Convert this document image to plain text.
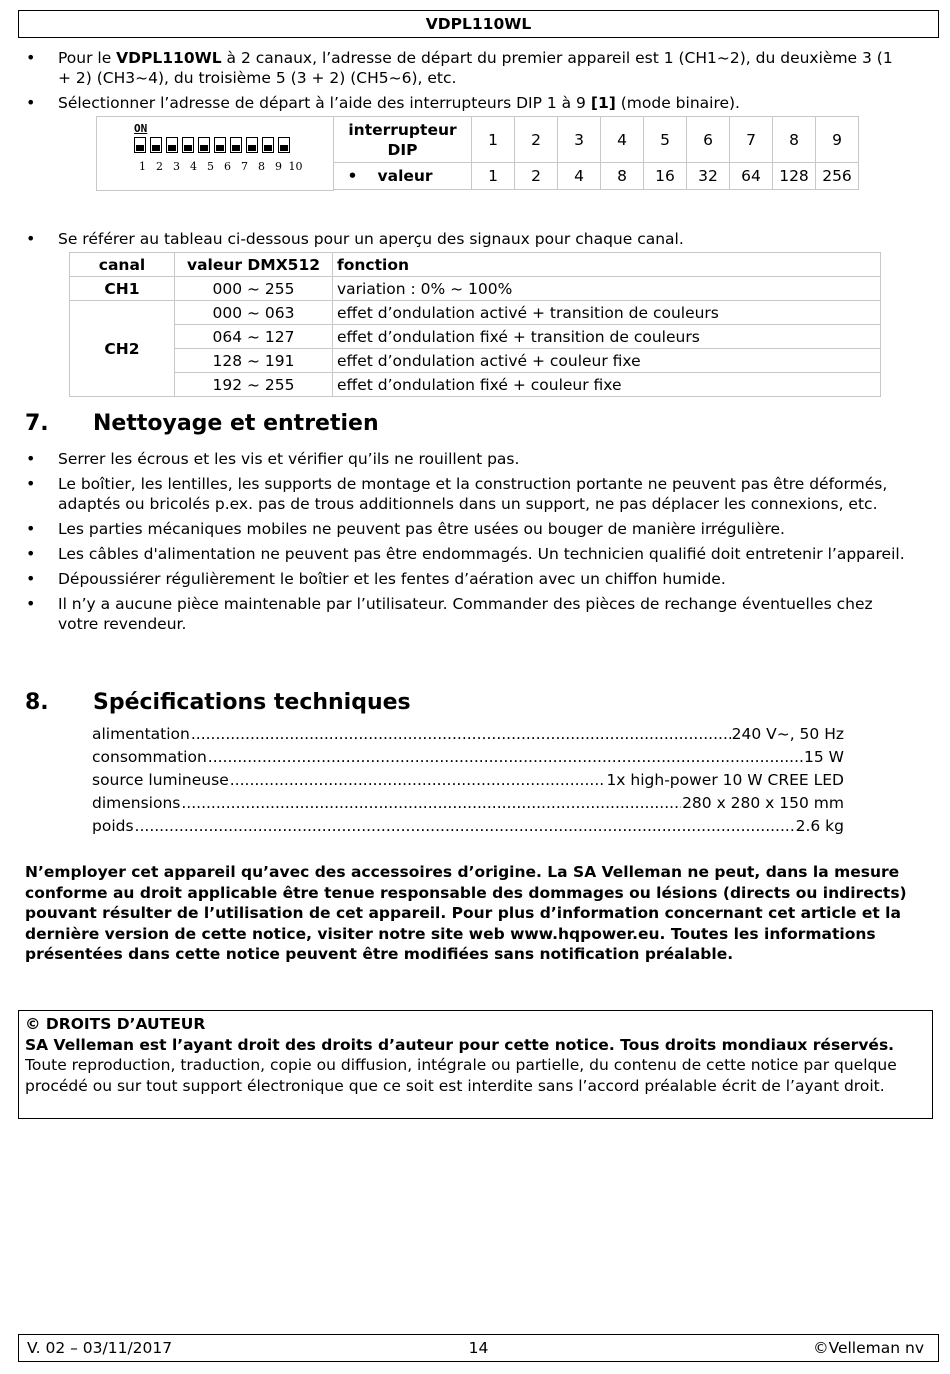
VDPL110WL
• Pour le VDPL110WL à 2 canaux, l’adresse de départ du premier appareil est 1 (CH1~2), du deuxième 3 (1 + 2) (CH3~4), du troisième 5 (3 + 2) (CH5~6), etc.
• Sélectionner l’adresse de départ à l’aide des interrupteurs DIP 1 à 9 [1] (mode binaire).
ON
1 2 3 4 5 6 7 8 9 10
interrupteur DIP	1	2	3	4	5	6	7	8	9
• valeur	1	2	4	8	16	32	64	128	256
• Se référer au tableau ci-dessous pour un aperçu des signaux pour chaque canal.
canal	valeur DMX512	fonction
CH1	000 ~ 255	variation : 0% ~ 100%
CH2	000 ~ 063	effet d’ondulation activé + transition de couleurs
	064 ~ 127	effet d’ondulation fixé + transition de couleurs
	128 ~ 191	effet d’ondulation activé + couleur fixe
	192 ~ 255	effet d’ondulation fixé + couleur fixe
7. Nettoyage et entretien
• Serrer les écrous et les vis et vérifier qu’ils ne rouillent pas.
• Le boîtier, les lentilles, les supports de montage et la construction portante ne peuvent pas être déformés, adaptés ou bricolés p.ex. pas de trous additionnels dans un support, ne pas déplacer les connexions, etc.
• Les parties mécaniques mobiles ne peuvent pas être usées ou bouger de manière irrégulière.
• Les câbles d'alimentation ne peuvent pas être endommagés. Un technicien qualifié doit entretenir l’appareil.
• Dépoussiérer régulièrement le boîtier et les fentes d’aération avec un chiffon humide.
• Il n’y a aucune pièce maintenable par l’utilisateur. Commander des pièces de rechange éventuelles chez votre revendeur.
8. Spécifications techniques
alimentation .....	240 V~, 50 Hz
consommation .....	15 W
source lumineuse .....	1x high-power 10 W CREE LED
dimensions .....	280 x 280 x 150 mm
poids .....	2.6 kg

N’employer cet appareil qu’avec des accessoires d’origine. La SA Velleman ne peut, dans la mesure conforme au droit applicable être tenue responsable des dommages ou lésions (directs ou indirects) pouvant résulter de l’utilisation de cet appareil. Pour plus d’information concernant cet article et la dernière version de cette notice, visiter notre site web www.hqpower.eu. Toutes les informations présentées dans cette notice peuvent être modifiées sans notification préalable.

© DROITS D’AUTEUR

SA Velleman est l’ayant droit des droits d’auteur pour cette notice. Tous droits mondiaux réservés. Toute reproduction, traduction, copie ou diffusion, intégrale ou partielle, du contenu de cette notice par quelque procédé ou sur tout support électronique que ce soit est interdite sans l’accord préalable écrit de l’ayant droit.

V. 02 – 03/11/2017	14	©Velleman nv
